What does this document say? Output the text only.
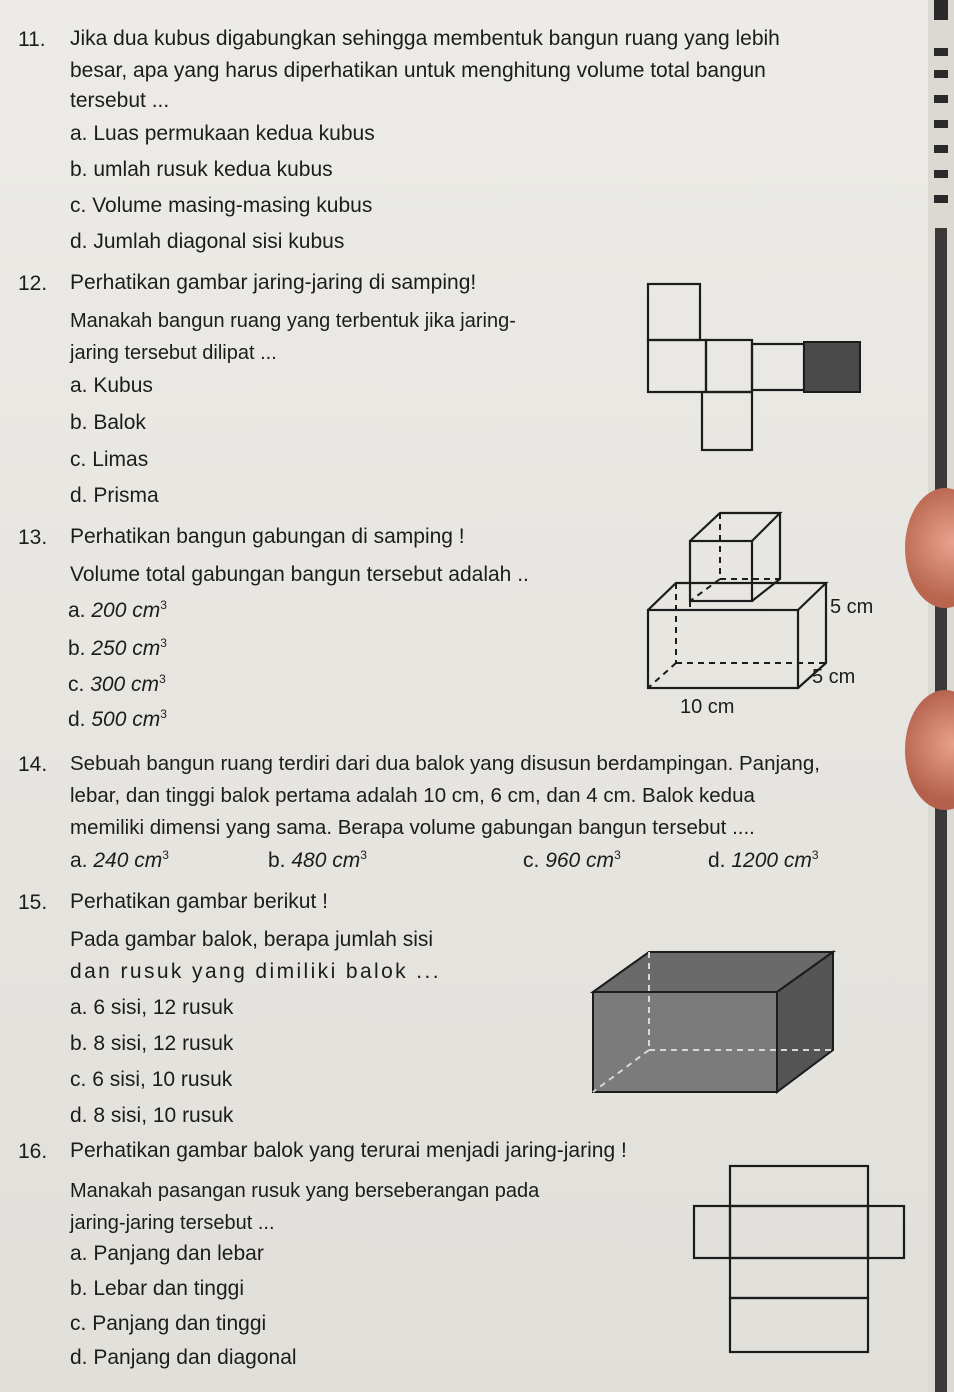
11. Jika dua kubus digabungkan sehingga membentuk bangun ruang yang lebih
besar, apa yang harus diperhatikan untuk menghitung volume total bangun
tersebut ...
a. Luas permukaan kedua kubus
b. umlah rusuk kedua kubus
c. Volume masing-masing kubus
d. Jumlah diagonal sisi kubus
12. Perhatikan gambar jaring-jaring di samping!
Manakah bangun ruang yang terbentuk jika jaring-
jaring tersebut dilipat ...
a. Kubus
b. Balok
c. Limas
d. Prisma
13. Perhatikan bangun gabungan di samping !
Volume total gabungan bangun tersebut adalah ..
a. 200 $cm^3$
b. 250 $cm^3$
c. 300 $cm^3$
d. 500 $cm^3$
5 cm
5 cm
10 cm
14. Sebuah bangun ruang terdiri dari dua balok yang disusun berdampingan. Panjang,
lebar, dan tinggi balok pertama adalah 10 cm, 6 cm, dan 4 cm. Balok kedua
memiliki dimensi yang sama. Berapa volume gabungan bangun tersebut ....
a. 240 $cm^3$	b. 480 $cm^3$	c. 960 $cm^3$	d. 1200 $cm^3$
15. Perhatikan gambar berikut !
Pada gambar balok, berapa jumlah sisi
dan rusuk yang dimiliki balok ...
a. 6 sisi, 12 rusuk
b. 8 sisi, 12 rusuk
c. 6 sisi, 10 rusuk
d. 8 sisi, 10 rusuk
16. Perhatikan gambar balok yang terurai menjadi jaring-jaring !
Manakah pasangan rusuk yang berseberangan pada
jaring-jaring tersebut ...
a. Panjang dan lebar
b. Lebar dan tinggi
c. Panjang dan tinggi
d. Panjang dan diagonal
